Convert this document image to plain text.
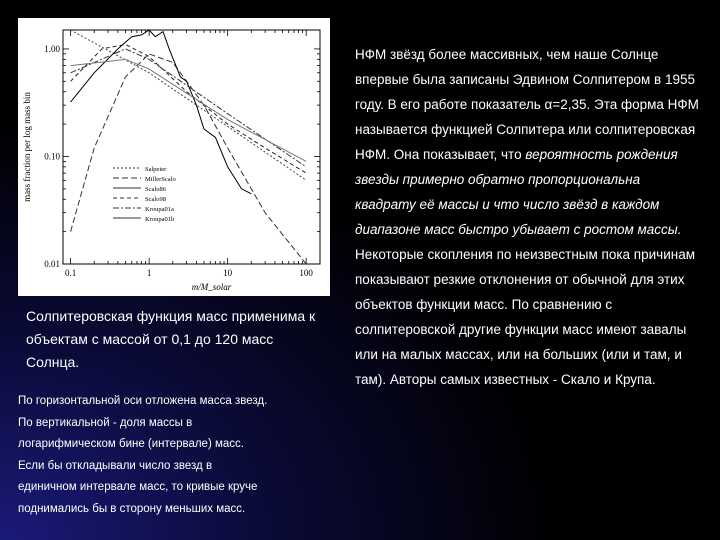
0.1	1	10	100
1.00
0.10
0.01
m/M_solar
mass fraction per log mass bin	Salpeter
MillerScalo
Scalo86
Scalo98
Kroupa01a
Kroupa01b
Солпитеровская функция масс применима к объектам с массой от 0,1 до 120 масс Солнца.
По горизонтальной оси отложена масса звезд.
По вертикальной - доля массы в
логарифмическом бине (интервале) масс.
Если бы откладывали число звезд в
единичном интервале масс, то кривые круче
поднимались бы в сторону меньших масс.
НФМ звёзд более массивных, чем наше Солнце впервые была записаны Эдвином Солпитером в 1955 году. В его работе показатель α=2,35. Эта форма НФМ называется функцией Солпитера или солпитеровская НФМ. Она показывает, что вероятность рождения звезды примерно обратно пропорциональна квадрату её массы и что число звёзд в каждом диапазоне масс быстро убывает с ростом массы.
Некоторые скопления по неизвестным пока причинам показывают резкие отклонения от обычной для этих объектов функции масс. По сравнению с солпитеровской другие функции масс имеют завалы или на малых массах, или на больших (или и там, и там). Авторы самых известных - Скало и Крупа.
